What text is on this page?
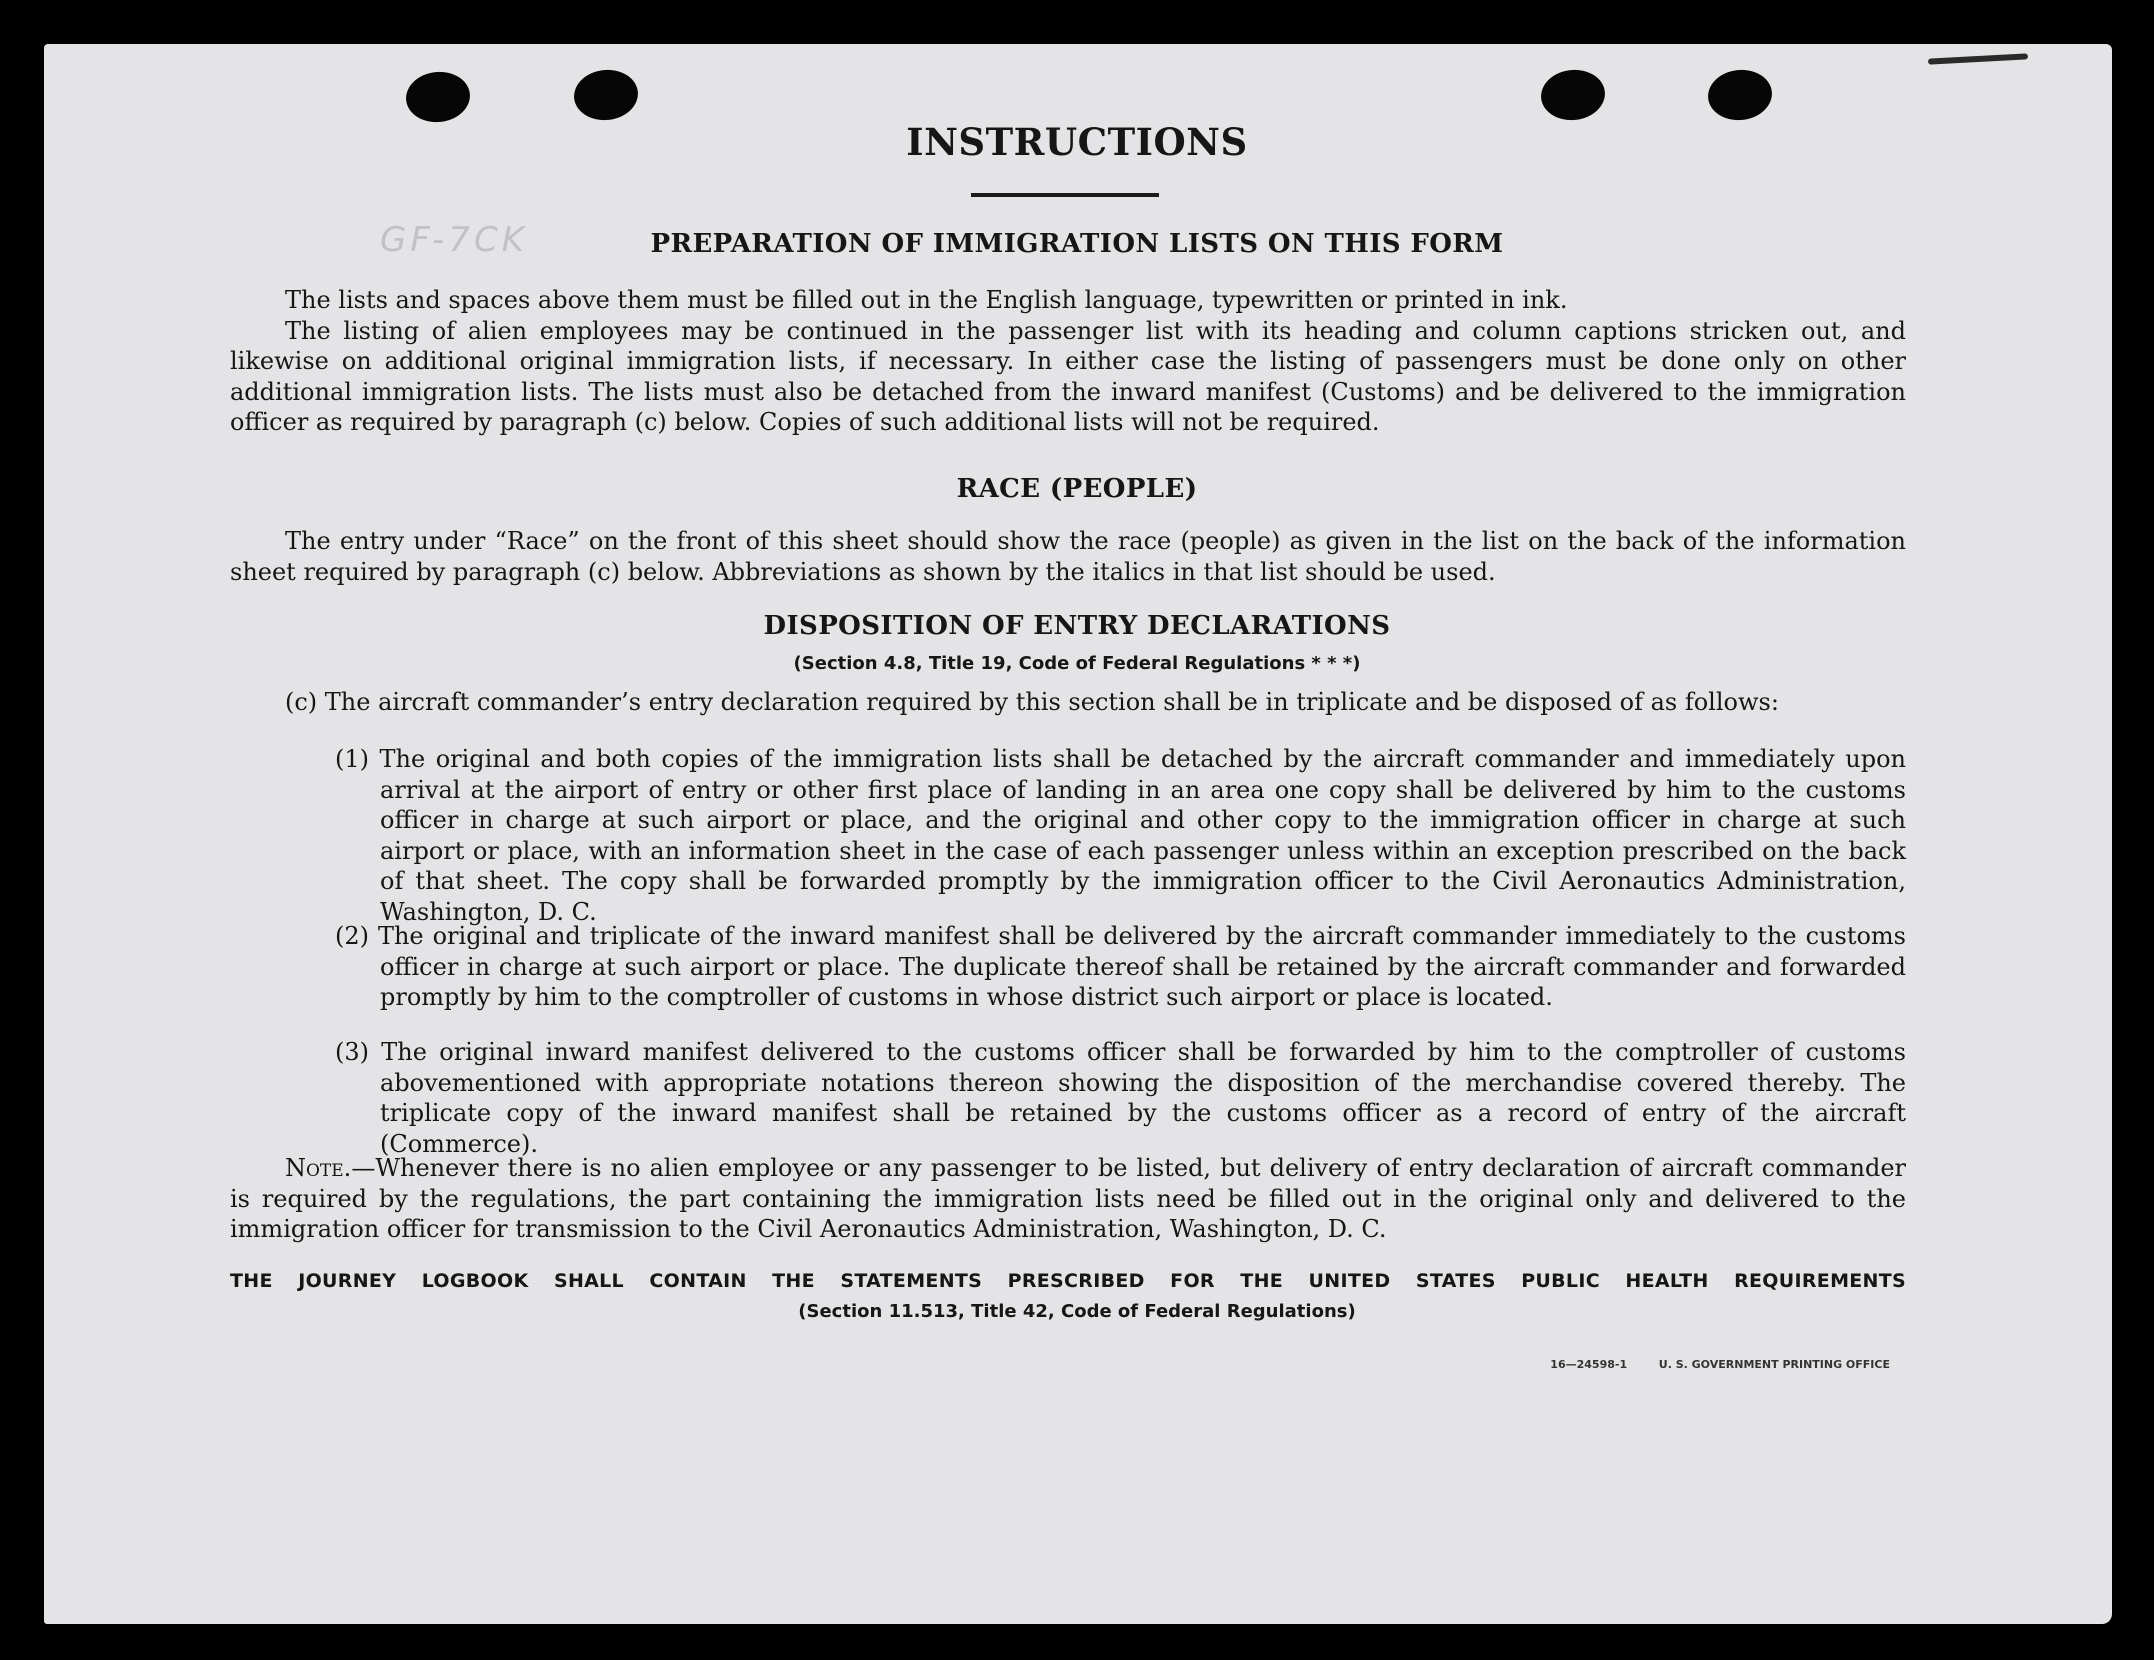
GF-7CK
INSTRUCTIONS
PREPARATION OF IMMIGRATION LISTS ON THIS FORM

The lists and spaces above them must be filled out in the English language, typewritten or printed in ink.

The listing of alien employees may be continued in the passenger list with its heading and column captions stricken out, and likewise on additional original immigration lists, if necessary. In either case the listing of passengers must be done only on other additional immigration lists. The lists must also be detached from the inward manifest (Customs) and be delivered to the immigration officer as required by paragraph (c) below. Copies of such additional lists will not be required.

RACE (PEOPLE)

The entry under “Race” on the front of this sheet should show the race (people) as given in the list on the back of the information sheet required by paragraph (c) below. Abbreviations as shown by the italics in that list should be used.

DISPOSITION OF ENTRY DECLARATIONS
(Section 4.8, Title 19, Code of Federal Regulations * * *)

(c) The aircraft commander’s entry declaration required by this section shall be in triplicate and be disposed of as follows:

(1) The original and both copies of the immigration lists shall be detached by the aircraft commander and immediately upon arrival at the airport of entry or other first place of landing in an area one copy shall be delivered by him to the customs officer in charge at such airport or place, and the original and other copy to the immigration officer in charge at such airport or place, with an information sheet in the case of each passenger unless within an exception prescribed on the back of that sheet. The copy shall be forwarded promptly by the immigration officer to the Civil Aeronautics Administration, Washington, D. C.

(2) The original and triplicate of the inward manifest shall be delivered by the aircraft commander immediately to the customs officer in charge at such airport or place. The duplicate thereof shall be retained by the aircraft commander and forwarded promptly by him to the comptroller of customs in whose district such airport or place is located.

(3) The original inward manifest delivered to the customs officer shall be forwarded by him to the comptroller of customs abovementioned with appropriate notations thereon showing the disposition of the merchandise covered thereby. The triplicate copy of the inward manifest shall be retained by the customs officer as a record of entry of the aircraft (Commerce).

Note.—Whenever there is no alien employee or any passenger to be listed, but delivery of entry declaration of aircraft commander is required by the regulations, the part containing the immigration lists need be filled out in the original only and delivered to the immigration officer for transmission to the Civil Aeronautics Administration, Washington, D. C.

THE JOURNEY LOGBOOK SHALL CONTAIN THE STATEMENTS PRESCRIBED FOR THE UNITED STATES PUBLIC HEALTH REQUIREMENTS
(Section 11.513, Title 42, Code of Federal Regulations)
16—24598-1	U. S. GOVERNMENT PRINTING OFFICE
